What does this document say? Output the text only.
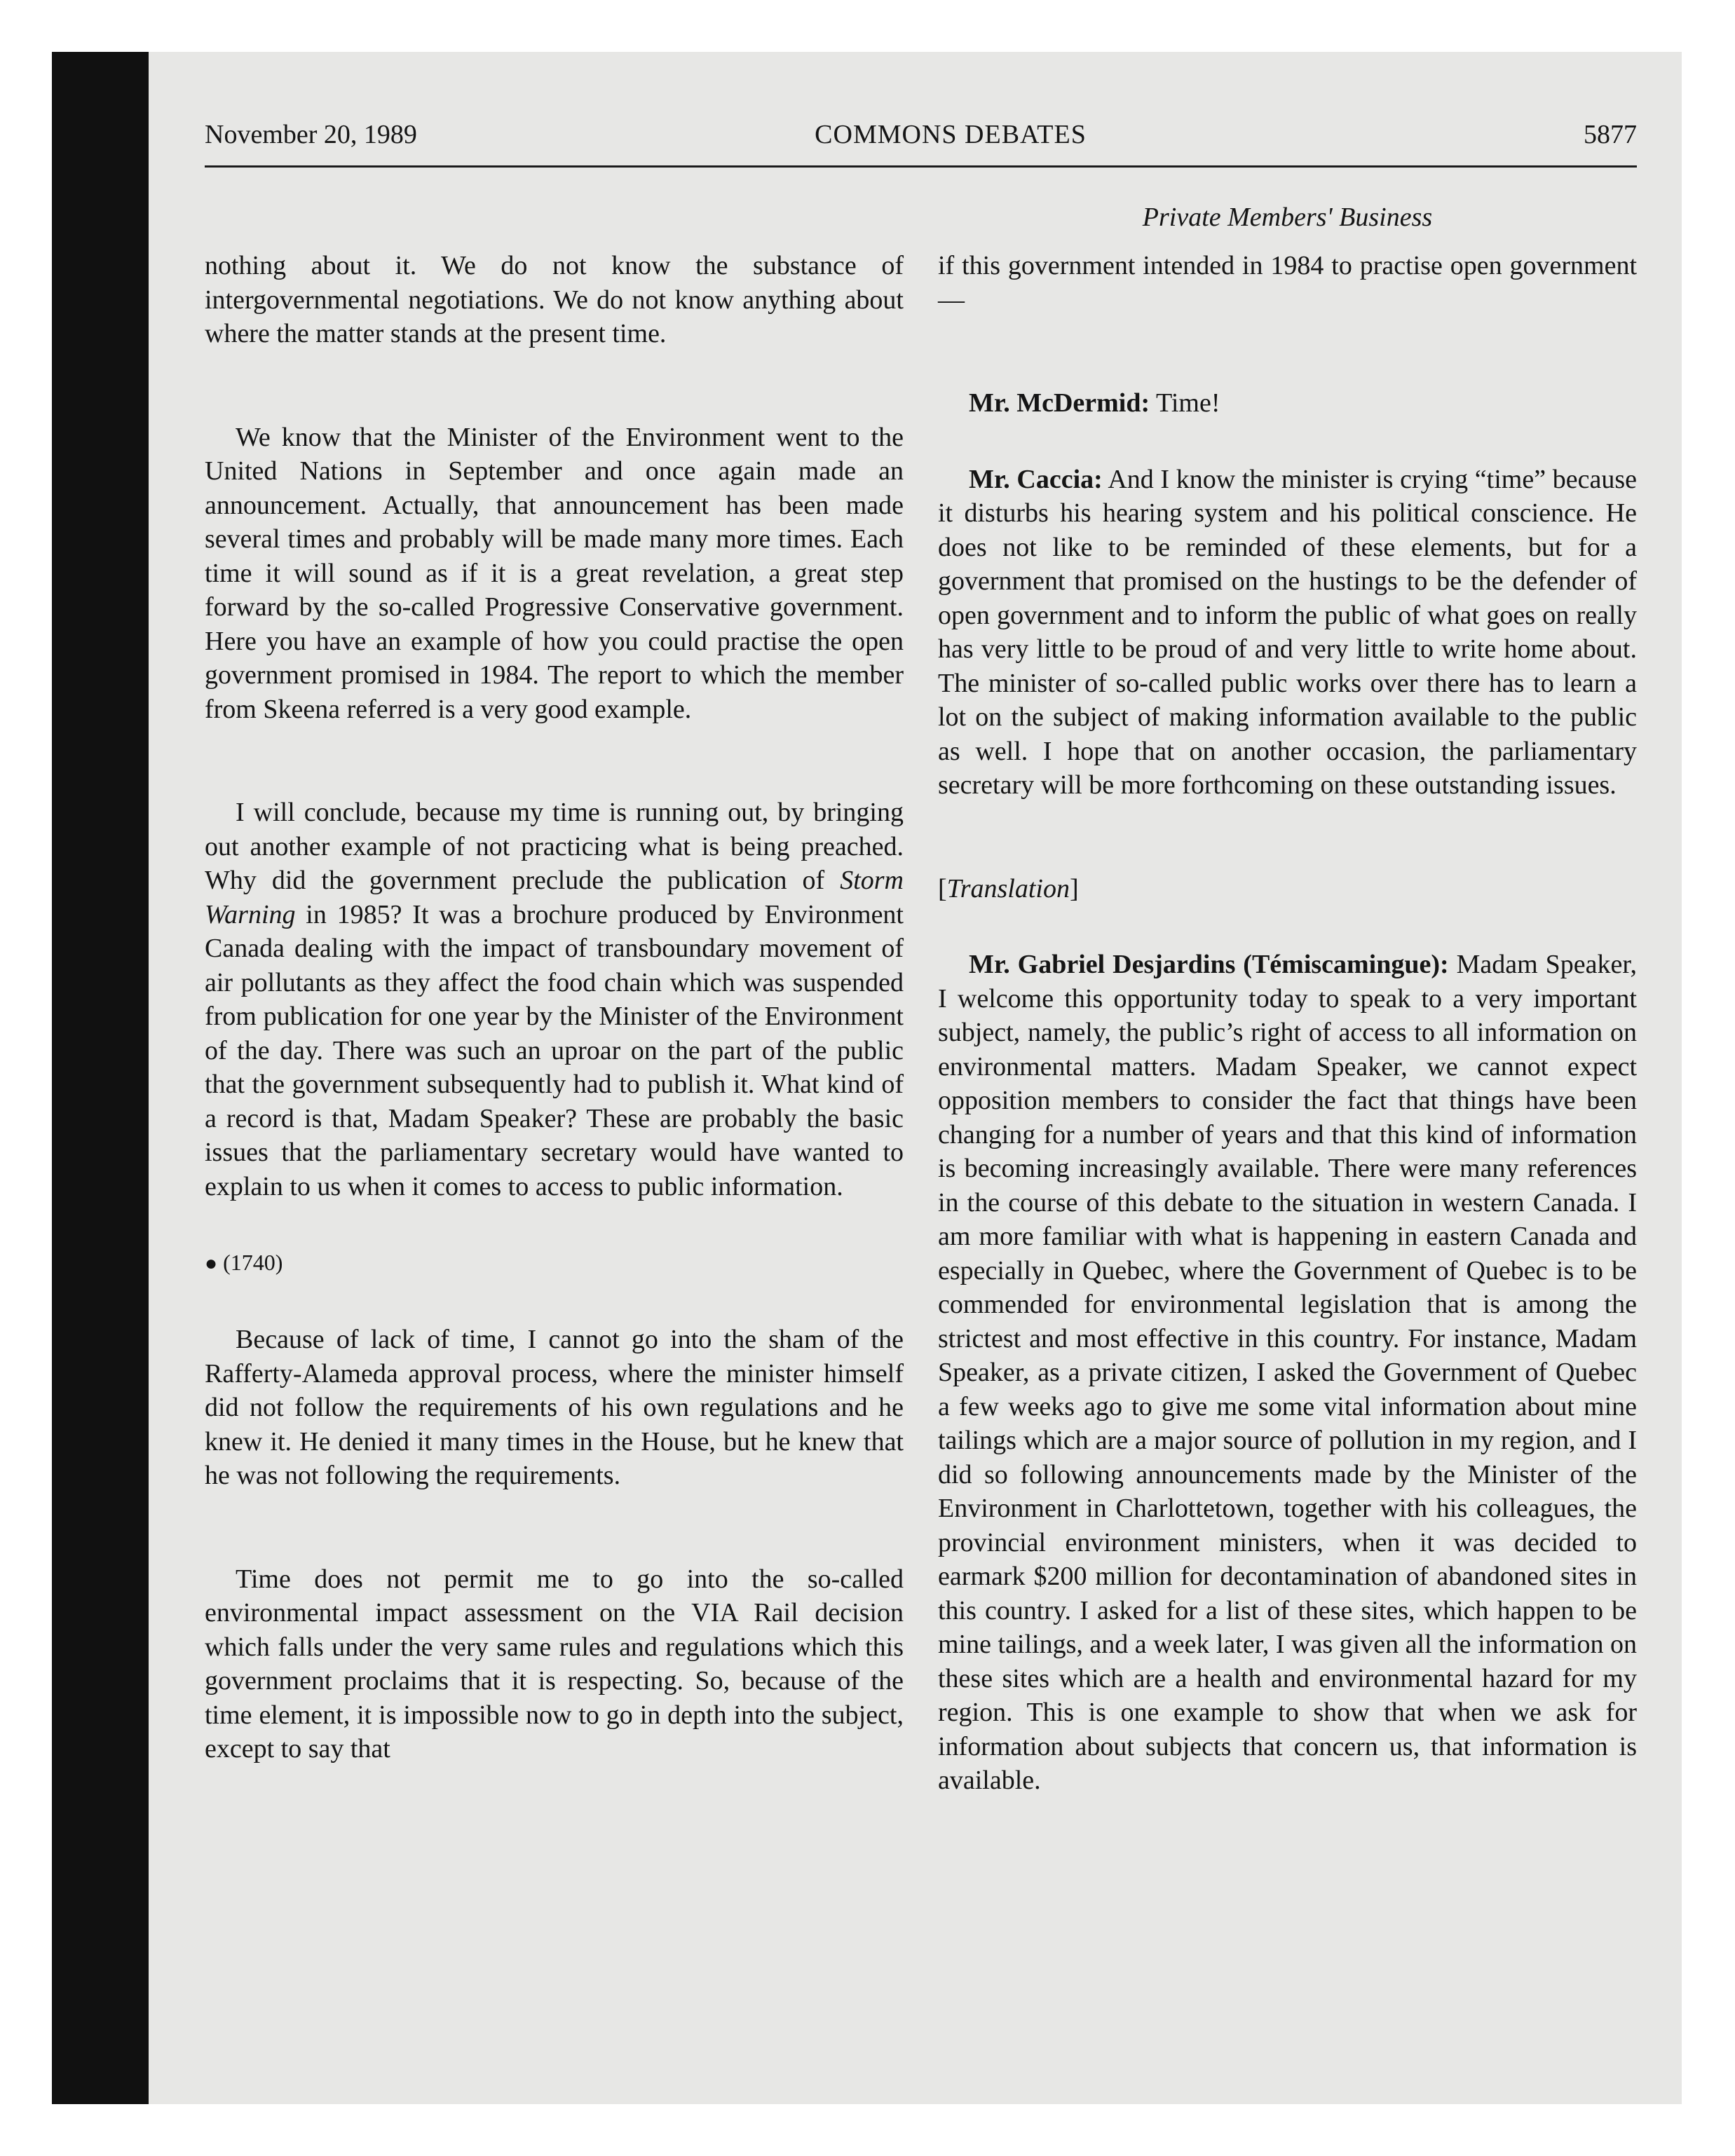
November 20, 1989	COMMONS DEBATES	5877
Private Members' Business

nothing about it. We do not know the substance of intergovernmental negotiations. We do not know anything about where the matter stands at the present time.

We know that the Minister of the Environment went to the United Nations in September and once again made an announcement. Actually, that announcement has been made several times and probably will be made many more times. Each time it will sound as if it is a great revelation, a great step forward by the so-called Progressive Conservative government. Here you have an example of how you could practise the open government promised in 1984. The report to which the member from Skeena referred is a very good example.

I will conclude, because my time is running out, by bringing out another example of not practicing what is being preached. Why did the government preclude the publication of Storm Warning in 1985? It was a brochure produced by Environment Canada dealing with the impact of transboundary movement of air pollutants as they affect the food chain which was suspended from publication for one year by the Minister of the Environment of the day. There was such an uproar on the part of the public that the government subsequently had to publish it. What kind of a record is that, Madam Speaker? These are probably the basic issues that the parliamentary secretary would have wanted to explain to us when it comes to access to public information.

● (1740)

Because of lack of time, I cannot go into the sham of the Rafferty-Alameda approval process, where the minister himself did not follow the requirements of his own regulations and he knew it. He denied it many times in the House, but he knew that he was not following the requirements.

Time does not permit me to go into the so-called environmental impact assessment on the VIA Rail decision which falls under the very same rules and regulations which this government proclaims that it is respecting. So, because of the time element, it is impossible now to go in depth into the subject, except to say that

if this government intended in 1984 to practise open government—

Mr. McDermid: Time!

Mr. Caccia: And I know the minister is crying “time” because it disturbs his hearing system and his political conscience. He does not like to be reminded of these elements, but for a government that promised on the hustings to be the defender of open government and to inform the public of what goes on really has very little to be proud of and very little to write home about. The minister of so-called public works over there has to learn a lot on the subject of making information available to the public as well. I hope that on another occasion, the parliamentary secretary will be more forthcoming on these outstanding issues.

[Translation]

Mr. Gabriel Desjardins (Témiscamingue): Madam Speaker, I welcome this opportunity today to speak to a very important subject, namely, the public’s right of access to all information on environmental matters. Madam Speaker, we cannot expect opposition members to consider the fact that things have been changing for a number of years and that this kind of information is becoming increasingly available. There were many references in the course of this debate to the situation in western Canada. I am more familiar with what is happening in eastern Canada and especially in Quebec, where the Government of Quebec is to be commended for environmental legislation that is among the strictest and most effective in this country. For instance, Madam Speaker, as a private citizen, I asked the Government of Quebec a few weeks ago to give me some vital information about mine tailings which are a major source of pollution in my region, and I did so following announcements made by the Minister of the Environment in Charlottetown, together with his colleagues, the provincial environment ministers, when it was decided to earmark $200 million for decontamination of abandoned sites in this country. I asked for a list of these sites, which happen to be mine tailings, and a week later, I was given all the information on these sites which are a health and environmental hazard for my region. This is one example to show that when we ask for information about subjects that concern us, that information is available.
